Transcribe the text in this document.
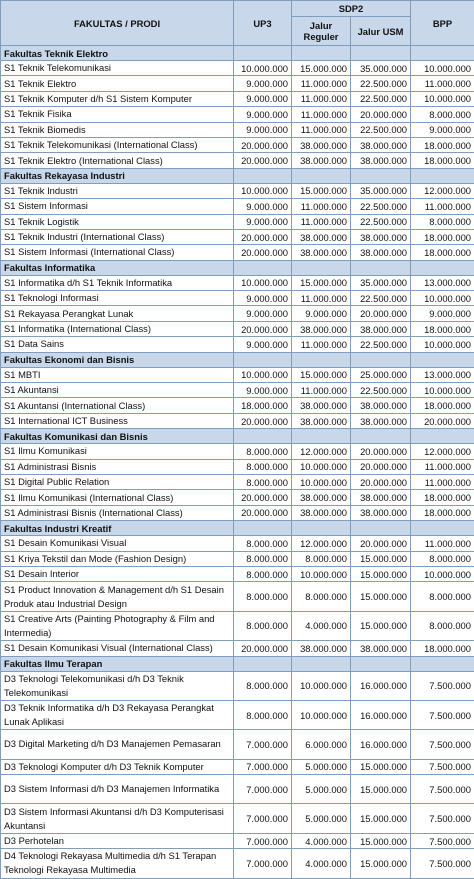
FAKULTAS / PRODI	UP3	SDP2		BPP
		Jalur Reguler	Jalur USM	
Fakultas Teknik Elektro				
S1 Teknik Telekomunikasi	10.000.000	15.000.000	35.000.000	10.000.000
S1 Teknik Elektro	9.000.000	11.000.000	22.500.000	11.000.000
S1 Teknik Komputer d/h S1 Sistem Komputer	9.000.000	11.000.000	22.500.000	10.000.000
S1 Teknik Fisika	9.000.000	11.000.000	20.000.000	8.000.000
S1 Teknik Biomedis	9.000.000	11.000.000	22.500.000	9.000.000
S1 Teknik Telekomunikasi (International Class)	20.000.000	38.000.000	38.000.000	18.000.000
S1 Teknik Elektro (International Class)	20.000.000	38.000.000	38.000.000	18.000.000
Fakultas Rekayasa Industri				
S1 Teknik Industri	10.000.000	15.000.000	35.000.000	12.000.000
S1 Sistem Informasi	9.000.000	11.000.000	22.500.000	11.000.000
S1 Teknik Logistik	9.000.000	11.000.000	22.500.000	8.000.000
S1 Teknik Industri (International Class)	20.000.000	38.000.000	38.000.000	18.000.000
S1 Sistem Informasi (International Class)	20.000.000	38.000.000	38.000.000	18.000.000
Fakultas Informatika				
S1 Informatika d/h S1 Teknik Informatika	10.000.000	15.000.000	35.000.000	13.000.000
S1 Teknologi Informasi	9.000.000	11.000.000	22.500.000	10.000.000
S1 Rekayasa Perangkat Lunak	9.000.000	9.000.000	20.000.000	9.000.000
S1 Informatika (International Class)	20.000.000	38.000.000	38.000.000	18.000.000
S1 Data Sains	9.000.000	11.000.000	22.500.000	10.000.000
Fakultas Ekonomi dan Bisnis				
S1 MBTI	10.000.000	15.000.000	25.000.000	13.000.000
S1 Akuntansi	9.000.000	11.000.000	22.500.000	10.000.000
S1 Akuntansi (International Class)	18.000.000	38.000.000	38.000.000	18.000.000
S1 International ICT Business	20.000.000	38.000.000	38.000.000	20.000.000
Fakultas Komunikasi dan Bisnis				
S1 Ilmu Komunikasi	8.000.000	12.000.000	20.000.000	12.000.000
S1 Administrasi Bisnis	8.000.000	10.000.000	20.000.000	11.000.000
S1 Digital Public Relation	8.000.000	10.000.000	20.000.000	11.000.000
S1 Ilmu Komunikasi (International Class)	20.000.000	38.000.000	38.000.000	18.000.000
S1 Administrasi Bisnis (International Class)	20.000.000	38.000.000	38.000.000	18.000.000
Fakultas Industri Kreatif				
S1 Desain Komunikasi Visual	8.000.000	12.000.000	20.000.000	11.000.000
S1 Kriya Tekstil dan Mode (Fashion Design)	8.000.000	8.000.000	15.000.000	8.000.000
S1 Desain Interior	8.000.000	10.000.000	15.000.000	10.000.000
S1 Product Innovation & Management d/h S1 Desain Produk atau Industrial Design	8.000.000	8.000.000	15.000.000	8.000.000
S1 Creative Arts (Painting Photography & Film and Intermedia)	8.000.000	4.000.000	15.000.000	8.000.000
S1 Desain Komunikasi Visual (International Class)	20.000.000	38.000.000	38.000.000	18.000.000
Fakultas Ilmu Terapan				
D3 Teknologi Telekomunikasi d/h D3 Teknik Telekomunikasi	8.000.000	10.000.000	16.000.000	7.500.000
D3 Teknik Informatika d/h D3 Rekayasa Perangkat Lunak Aplikasi	8.000.000	10.000.000	16.000.000	7.500.000
D3 Digital Marketing d/h D3 Manajemen Pemasaran	7.000.000	6.000.000	16.000.000	7.500.000
D3 Teknologi Komputer d/h D3 Teknik Komputer	7.000.000	5.000.000	15.000.000	7.500.000
D3 Sistem Informasi d/h D3 Manajemen Informatika	7.000.000	5.000.000	15.000.000	7.500.000
D3 Sistem Informasi Akuntansi d/h D3 Komputerisasi Akuntansi	7.000.000	5.000.000	15.000.000	7.500.000
D3 Perhotelan	7.000.000	4.000.000	15.000.000	7.500.000
D4 Teknologi Rekayasa Multimedia d/h S1 Terapan Teknologi Rekayasa Multimedia	7.000.000	4.000.000	15.000.000	7.500.000
